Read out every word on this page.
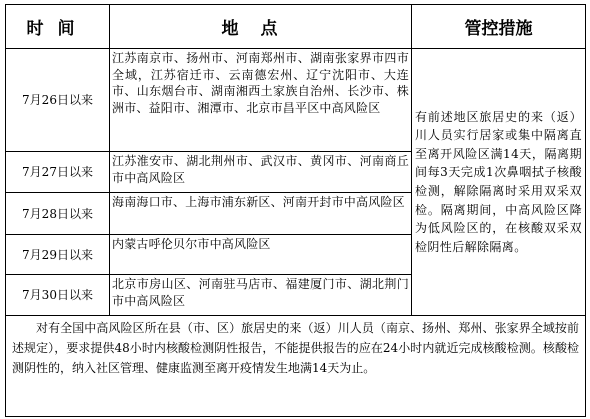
时间	地点	管控措施
7月26日以来	江苏南京市、扬州市、河南郑州市、湖南张家界市四市全域，江苏宿迁市、云南德宏州、辽宁沈阳市、大连市、山东烟台市、湖南湘西土家族自治州、长沙市、株洲市、益阳市、湘潭市、北京市昌平区中高风险区	有前述地区旅居史的来（返）川人员实行居家或集中隔离直至离开风险区满14天，隔离期间每3天完成1次鼻咽拭子核酸检测，解除隔离时采用双采双检。隔离期间，中高风险区降为低风险区的，在核酸双采双检阴性后解除隔离。
7月27日以来	江苏淮安市、湖北荆州市、武汉市、黄冈市、河南商丘市中高风险区	
7月28日以来	海南海口市、上海市浦东新区、河南开封市中高风险区	
7月29日以来	内蒙古呼伦贝尔市中高风险区	
7月30日以来	北京市房山区、河南驻马店市、福建厦门市、湖北荆门市中高风险区	

对有全国中高风险区所在县（市、区）旅居史的来（返）川人员（南京、扬州、郑州、张家界全域按前述规定），要求提供48小时内核酸检测阴性报告，不能提供报告的应在24小时内就近完成核酸检测。核酸检测阴性的，纳入社区管理、健康监测至离开疫情发生地满14天为止。		
